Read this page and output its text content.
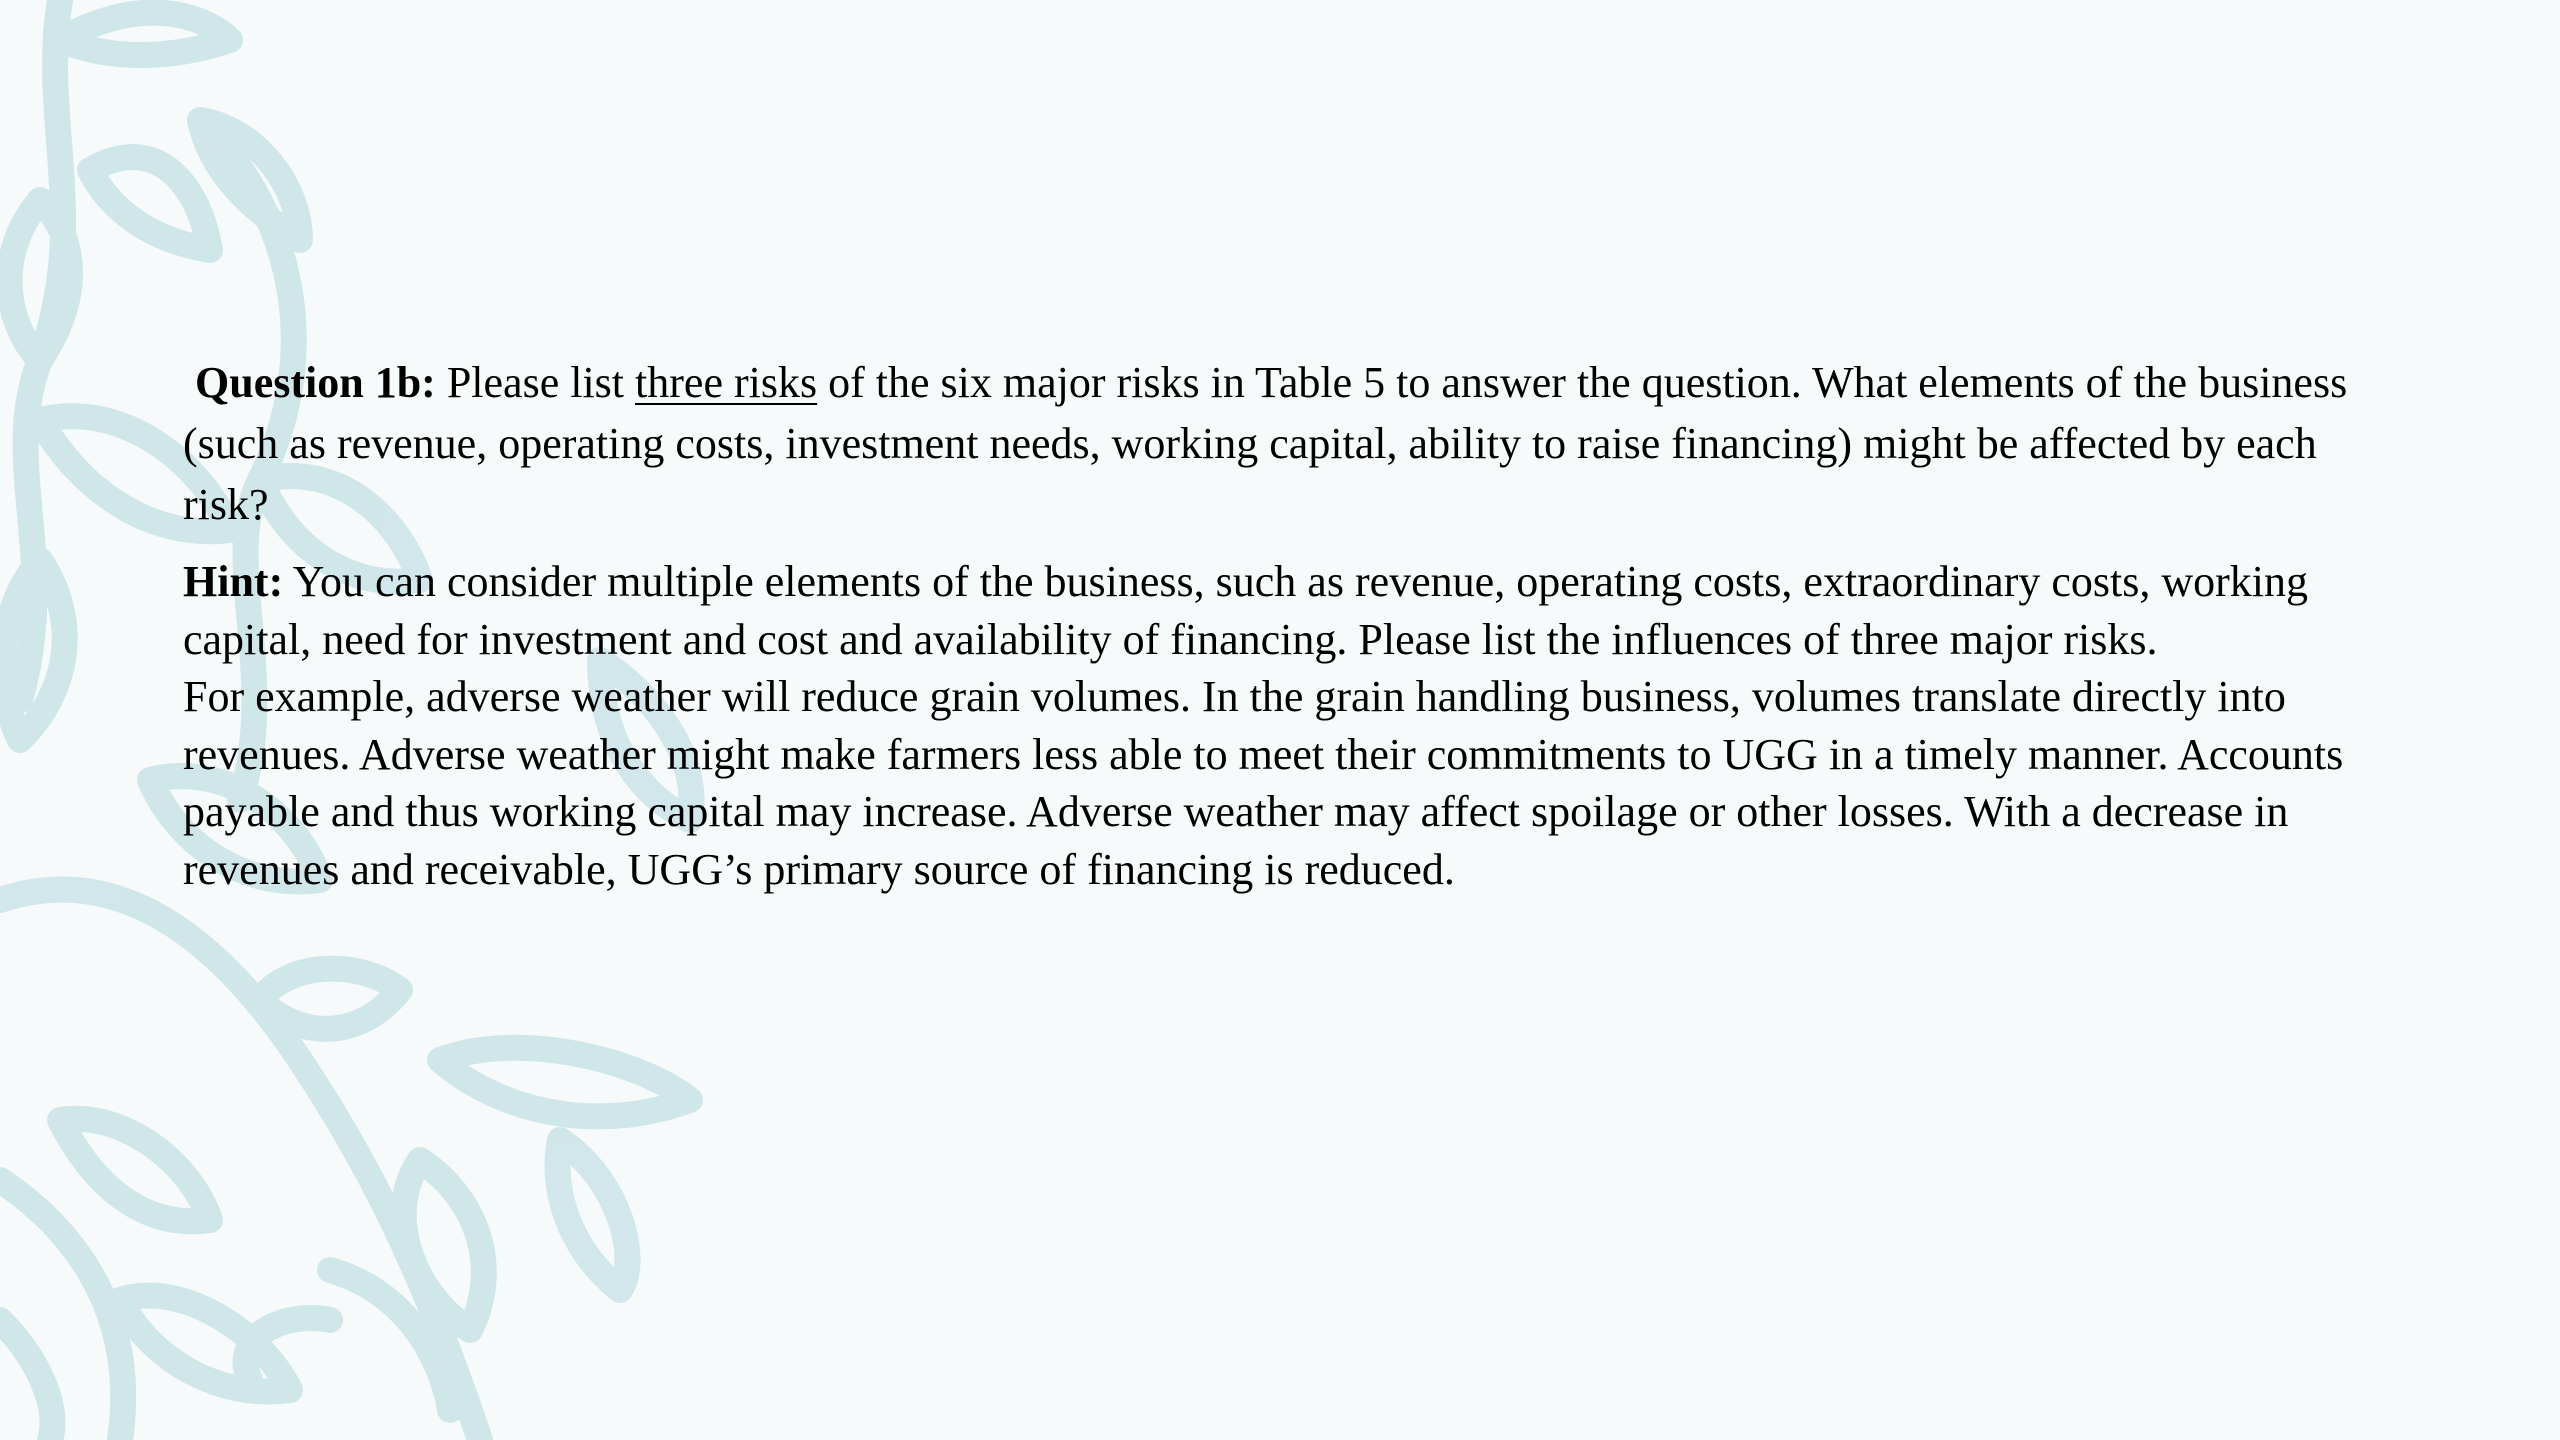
Question 1b: Please list three risks of the six major risks in Table 5 to answer the question. What elements of the business (such as revenue, operating costs, investment needs, working capital, ability to raise financing) might be affected by each risk?

Hint: You can consider multiple elements of the business, such as revenue, operating costs, extraordinary costs, working capital, need for investment and cost and availability of financing. Please list the influences of three major risks.

For example, adverse weather will reduce grain volumes. In the grain handling business, volumes translate directly into revenues. Adverse weather might make farmers less able to meet their commitments to UGG in a timely manner. Accounts payable and thus working capital may increase. Adverse weather may affect spoilage or other losses. With a decrease in revenues and receivable, UGG’s primary source of financing is reduced.
